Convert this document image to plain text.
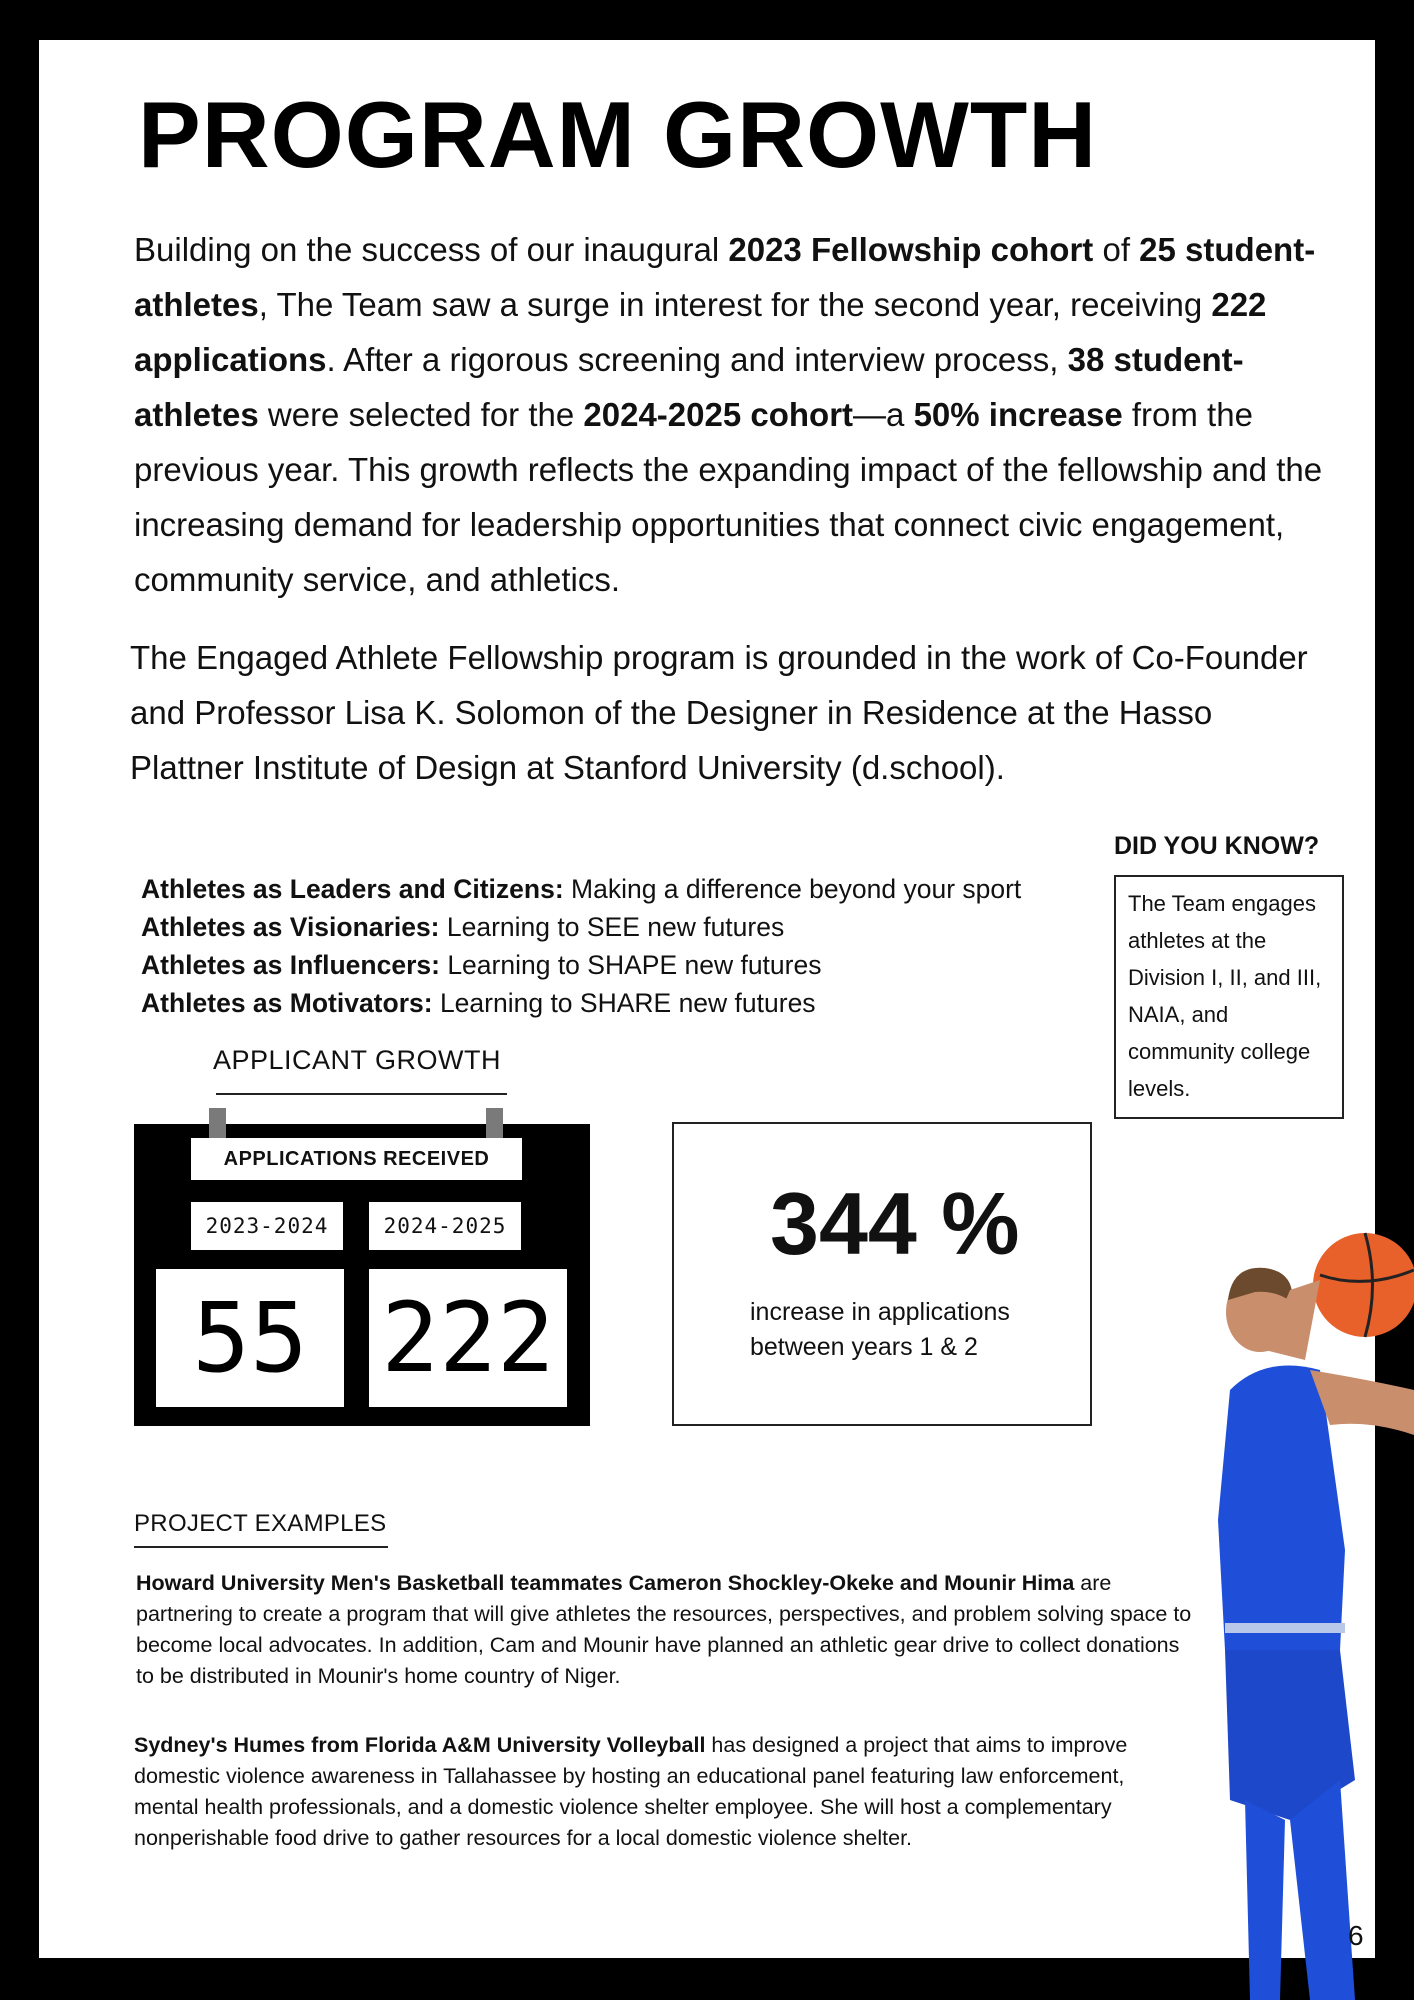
PROGRAM GROWTH
Building on the success of our inaugural 2023 Fellowship cohort of 25 student-athletes, The Team saw a surge in interest for the second year, receiving 222 applications. After a rigorous screening and interview process, 38 student-athletes were selected for the 2024-2025 cohort—a 50% increase from the previous year. This growth reflects the expanding impact of the fellowship and the increasing demand for leadership opportunities that connect civic engagement, community service, and athletics.
The Engaged Athlete Fellowship program is grounded in the work of Co-Founder and Professor Lisa K. Solomon of the Designer in Residence at the Hasso Plattner Institute of Design at Stanford University (d.school).
Athletes as Leaders and Citizens: Making a difference beyond your sport
Athletes as Visionaries: Learning to SEE new futures
Athletes as Influencers: Learning to SHAPE new futures
Athletes as Motivators: Learning to SHARE new futures
DID YOU KNOW?
The Team engages athletes at the Division I, II, and III, NAIA, and community college levels.
APPLICANT GROWTH
APPLICATIONS RECEIVED
2023-2024	2024-2025
55 222
344 %
increase in applications
between years 1 & 2
PROJECT EXAMPLES
Howard University Men's Basketball teammates Cameron Shockley-Okeke and Mounir Hima are partnering to create a program that will give athletes the resources, perspectives, and problem solving space to become local advocates. In addition, Cam and Mounir have planned an athletic gear drive to collect donations to be distributed in Mounir's home country of Niger.
Sydney's Humes from Florida A&M University Volleyball has designed a project that aims to improve domestic violence awareness in Tallahassee by hosting an educational panel featuring law enforcement, mental health professionals, and a domestic violence shelter employee. She will host a complementary nonperishable food drive to gather resources for a local domestic violence shelter.
6
